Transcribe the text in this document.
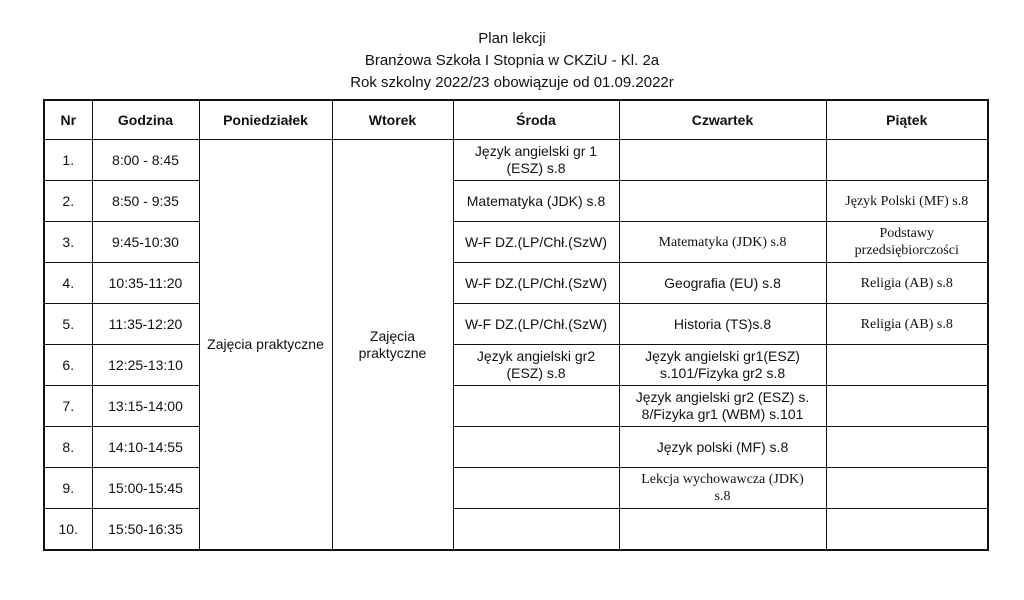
Plan lekcji
Branżowa Szkoła I Stopnia w CKZiU - Kl. 2a
Rok szkolny 2022/23 obowiązuje od 01.09.2022r
Nr	Godzina	Poniedziałek	Wtorek	Środa	Czwartek	Piątek
1.	8:00 - 8:45	Zajęcia praktyczne	Zajęcia
praktyczne	Język angielski gr 1
(ESZ) s.8		
2.	8:50 - 9:35			Matematyka (JDK) s.8		Język Polski (MF) s.8
3.	9:45-10:30			W-F DZ.(LP/Chł.(SzW)	Matematyka (JDK) s.8	Podstawy
przedsiębiorczości
4.	10:35-11:20			W-F DZ.(LP/Chł.(SzW)	Geografia (EU) s.8	Religia (AB) s.8
5.	11:35-12:20			W-F DZ.(LP/Chł.(SzW)	Historia (TS)s.8	Religia (AB) s.8
6.	12:25-13:10			Język angielski gr2
(ESZ) s.8	Język angielski gr1(ESZ)
s.101/Fizyka gr2 s.8	
7.	13:15-14:00				Język angielski gr2 (ESZ) s.
8/Fizyka gr1 (WBM) s.101	
8.	14:10-14:55				Język polski (MF) s.8	
9.	15:00-15:45				Lekcja wychowawcza (JDK)
s.8	
10.	15:50-16:35					
